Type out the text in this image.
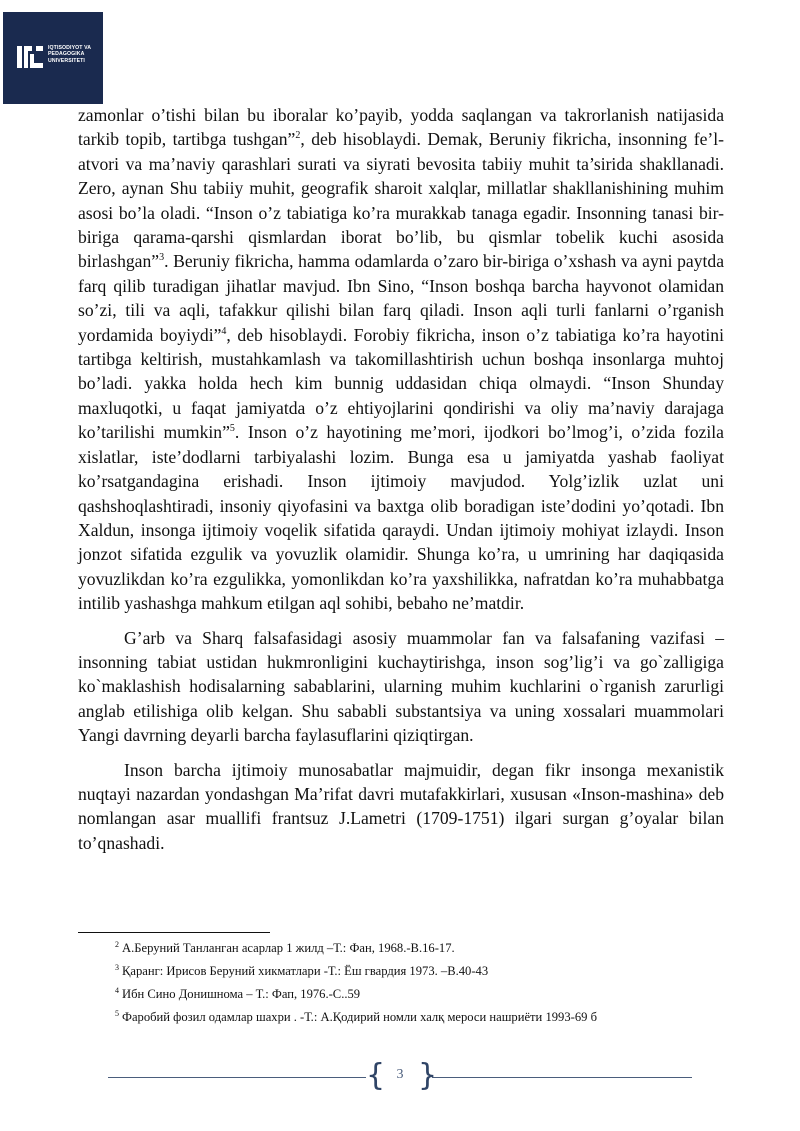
IQTISODIYOT VA
PEDAGOGIKA
UNIVERSITETI

zamonlar o’tishi bilan bu iboralar ko’payib, yodda saqlangan va takrorlanish natijasida tarkib topib, tartibga tushgan”$^2$, deb hisoblaydi. Demak, Beruniy fikricha, insonning fe’l-atvori va ma’naviy qarashlari surati va siyrati bevosita tabiiy muhit ta’sirida shakllanadi. Zero, aynan Shu tabiiy muhit, geografik sharoit xalqlar, millatlar shakllanishining muhim asosi bo’la oladi. “Inson o’z tabiatiga ko’ra murakkab tanaga egadir. Insonning tanasi bir-biriga qarama-qarshi qismlardan iborat bo’lib, bu qismlar tobelik kuchi asosida birlashgan”$^3$. Beruniy fikricha, hamma odamlarda o’zaro bir-biriga o’xshash va ayni paytda farq qilib turadigan jihatlar mavjud. Ibn Sino, “Inson boshqa barcha hayvonot olamidan so’zi, tili va aqli, tafakkur qilishi bilan farq qiladi. Inson aqli turli fanlarni o’rganish yordamida boyiydi”$^4$, deb hisoblaydi. Forobiy fikricha, inson o’z tabiatiga ko’ra hayotini tartibga keltirish, mustahkamlash va takomillashtirish uchun boshqa insonlarga muhtoj bo’ladi. yakka holda hech kim bunnig uddasidan chiqa olmaydi. “Inson Shunday maxluqotki, u faqat jamiyatda o’z ehtiyojlarini qondirishi va oliy ma’naviy darajaga ko’tarilishi mumkin”$^5$. Inson o’z hayotining me’mori, ijodkori bo’lmog’i, o’zida fozila xislatlar, iste’dodlarni tarbiyalashi lozim. Bunga esa u jamiyatda yashab faoliyat ko’rsatgandagina erishadi. Inson ijtimoiy mavjudod. Yolg’izlik uzlat uni qashshoqlashtiradi, insoniy qiyofasini va baxtga olib boradigan iste’dodini yo’qotadi. Ibn Xaldun, insonga ijtimoiy voqelik sifatida qaraydi. Undan ijtimoiy mohiyat izlaydi. Inson jonzot sifatida ezgulik va yovuzlik olamidir. Shunga ko’ra, u umrining har daqiqasida yovuzlikdan ko’ra ezgulikka, yomonlikdan ko’ra yaxshilikka, nafratdan ko’ra muhabbatga intilib yashashga mahkum etilgan aql sohibi, bebaho ne’matdir.

G’arb va Sharq falsafasidagi asosiy muammolar fan va falsafaning vazifasi – insonning tabiat ustidan hukmronligini kuchaytirishga, inson sog’lig’i va go`zalligiga ko`maklashish hodisalarning sabablarini, ularning muhim kuchlarini o`rganish zarurligi anglab etilishiga olib kelgan. Shu sababli substantsiya va uning xossalari muammolari Yangi davrning deyarli barcha faylasuflarini qiziqtirgan.

Inson barcha ijtimoiy munosabatlar majmuidir, degan fikr insonga mexanistik nuqtayi nazardan yondashgan Ma’rifat davri mutafakkirlari, xususan «Inson-mashina» deb nomlangan asar muallifi frantsuz J.Lametri (1709-1751) ilgari surgan g’oyalar bilan to’qnashadi.

$^2$ А.Беруний Танланган асарлар 1 жилд –Т.: Фан, 1968.-В.16-17.

$^3$ Қаранг: Ирисов Беруний хикматлари -Т.: Ёш гвардия 1973. –В.40-43

$^4$ Ибн Сино Донишнома – Т.: Фап, 1976.-С..59

$^5$ Фаробий фозил одамлар шахри . -Т.: А.Қодирий номли халқ мероси нашриёти 1993-69 б

{ 3 }
